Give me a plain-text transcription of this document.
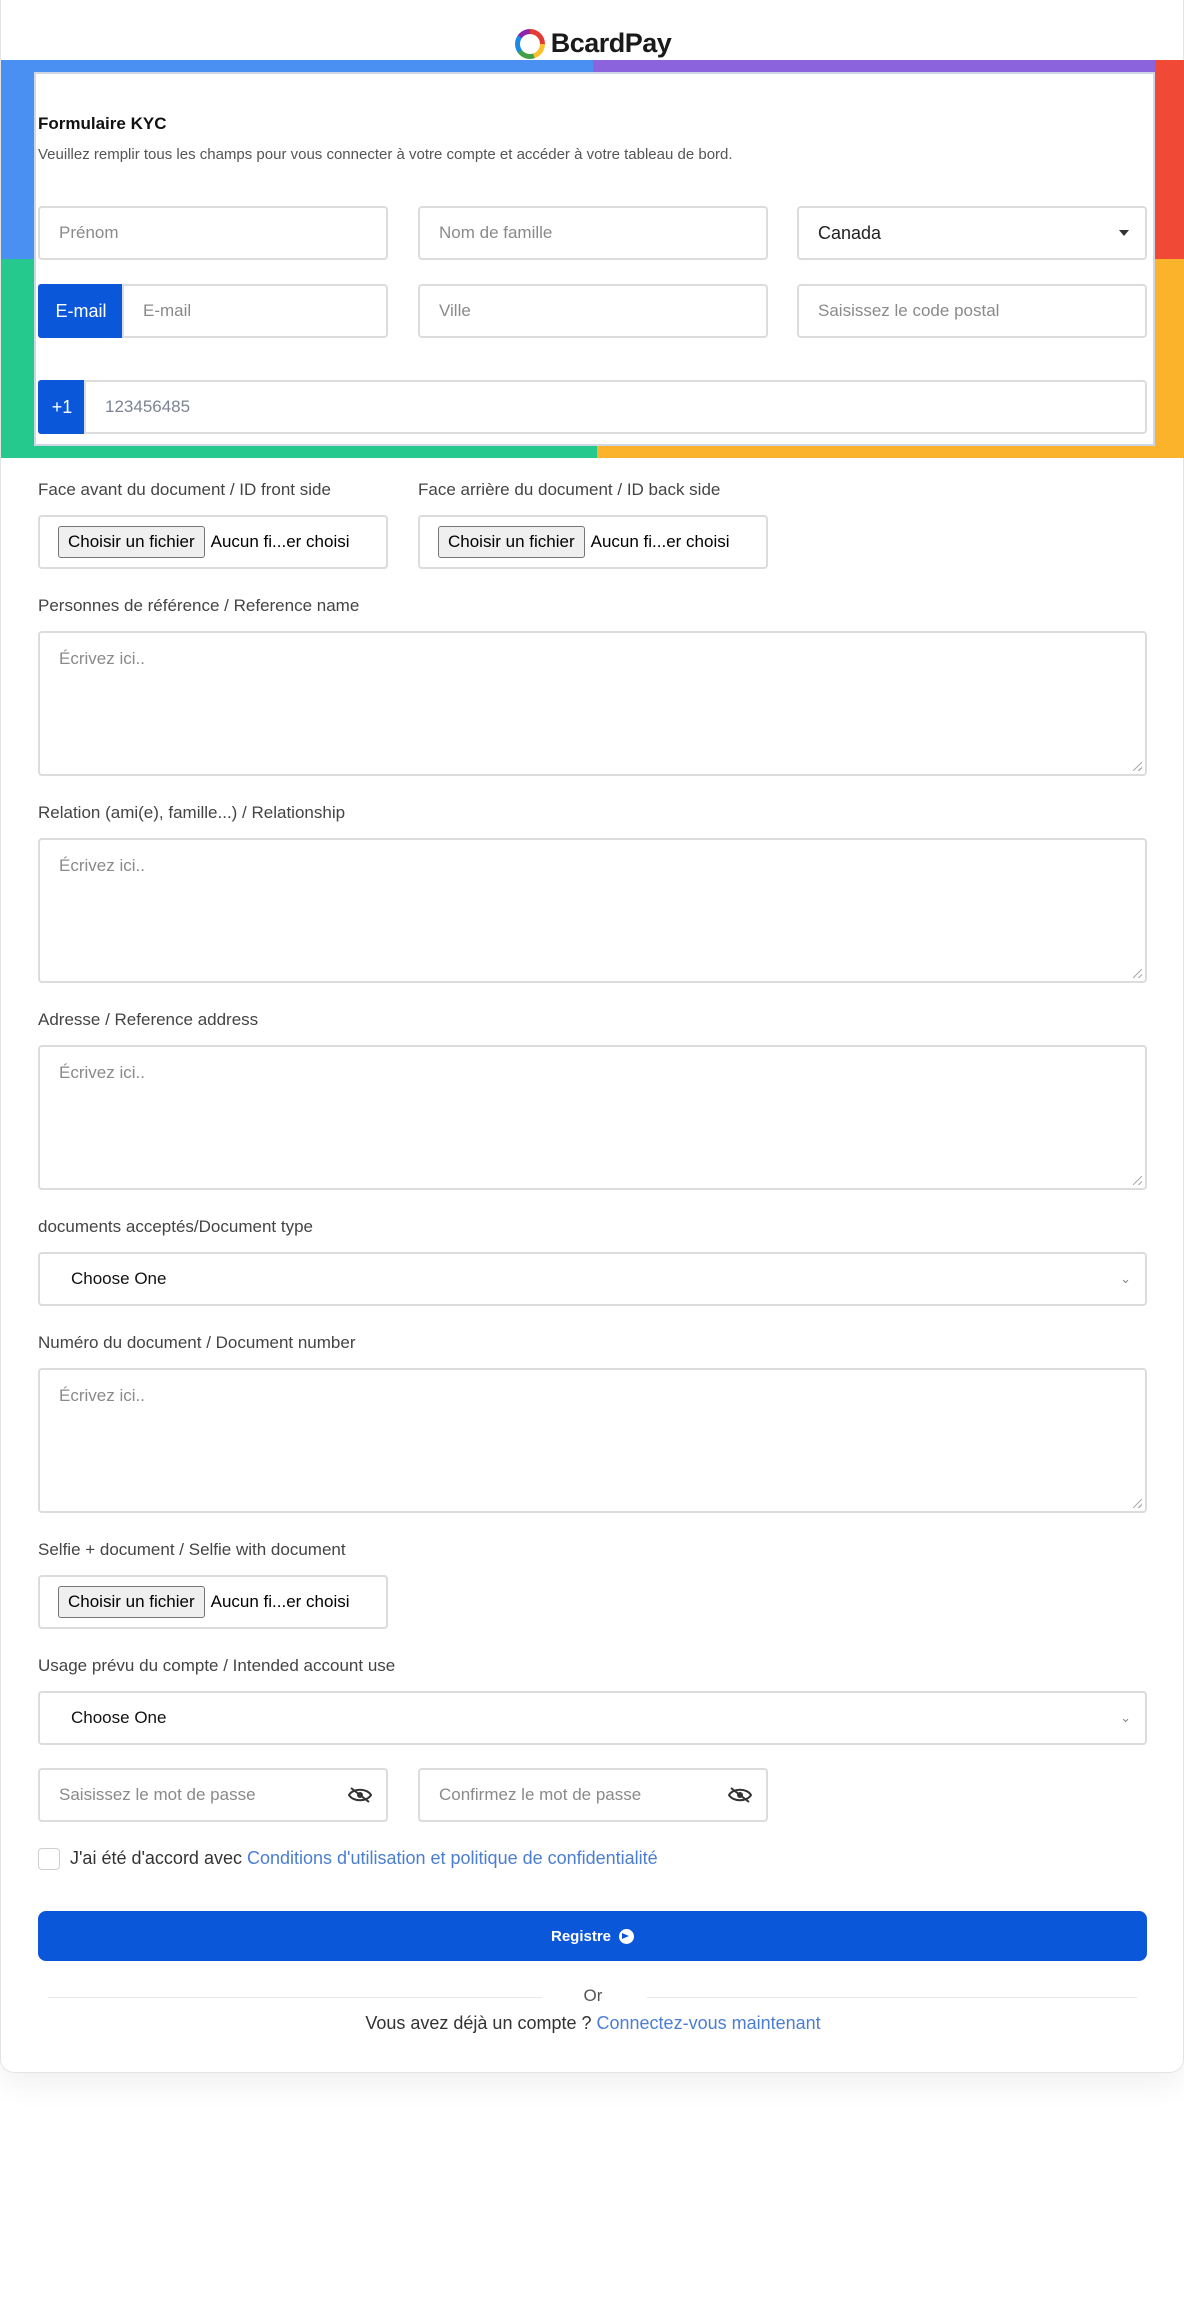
BcardPay
Formulaire KYC
Veuillez remplir tous les champs pour vous connecter à votre compte et accéder à votre tableau de bord.
Prénom	Nom de famille	Canada
E-mail	E-mail	Ville	Saisissez le code postal
+1	123456485
Face avant du document / ID front side	Face arrière du document / ID back side
Choisir un fichier Aucun fi...er choisi	Choisir un fichier Aucun fi...er choisi
Personnes de référence / Reference name
Écrivez ici..
Relation (ami(e), famille...) / Relationship
Écrivez ici..
Adresse / Reference address
Écrivez ici..
documents acceptés/Document type
Choose One	⌄
Numéro du document / Document number
Écrivez ici..
Selfie + document / Selfie with document
Choisir un fichier Aucun fi...er choisi
Usage prévu du compte / Intended account use
Choose One	⌄
Saisissez le mot de passe	Confirmez le mot de passe
J'ai été d'accord avec Conditions d'utilisation et politique de confidentialité
Registre
Or
Vous avez déjà un compte ? Connectez-vous maintenant
